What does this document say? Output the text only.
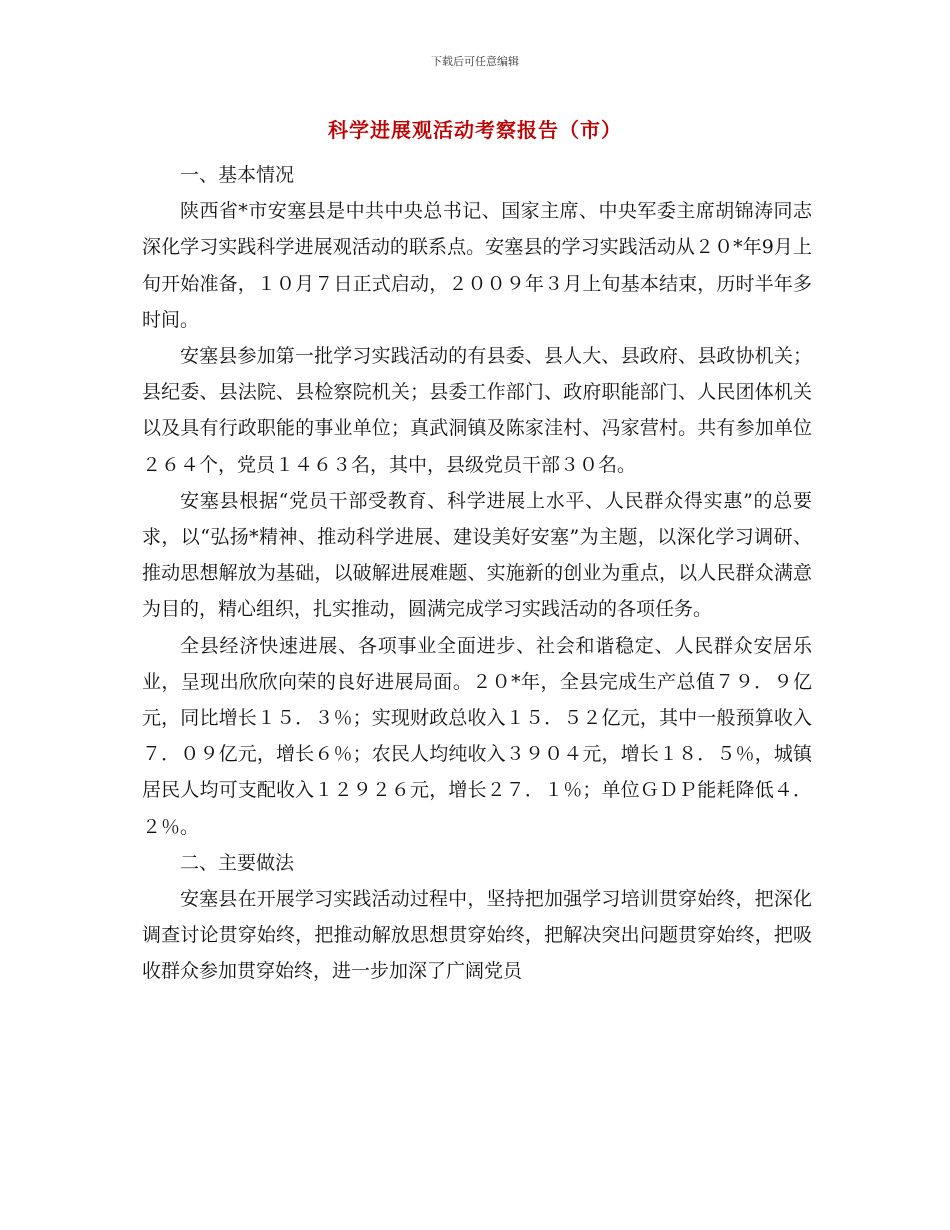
下载后可任意编辑
科学进展观活动考察报告（市）

一、基本情况

陕西省*市安塞县是中共中央总书记、国家主席、中央军委主席胡锦涛同志深化学习实践科学进展观活动的联系点。安塞县的学习实践活动从２０*年9月上旬开始准备，１０月７日正式启动，２００９年３月上旬基本结束，历时半年多时间。

安塞县参加第一批学习实践活动的有县委、县人大、县政府、县政协机关；县纪委、县法院、县检察院机关；县委工作部门、政府职能部门、人民团体机关以及具有行政职能的事业单位；真武洞镇及陈家洼村、冯家营村。共有参加单位２６４个，党员１４６３名，其中，县级党员干部３０名。

安塞县根据“党员干部受教育、科学进展上水平、人民群众得实惠”的总要求，以“弘扬*精神、推动科学进展、建设美好安塞”为主题，以深化学习调研、推动思想解放为基础，以破解进展难题、实施新的创业为重点，以人民群众满意为目的，精心组织，扎实推动，圆满完成学习实践活动的各项任务。

全县经济快速进展、各项事业全面进步、社会和谐稳定、人民群众安居乐业，呈现出欣欣向荣的良好进展局面。２０*年，全县完成生产总值７９．９亿元，同比增长１５．３％；实现财政总收入１５．５２亿元，其中一般预算收入７．０９亿元，增长６％；农民人均纯收入３９０４元，增长１８．５％，城镇居民人均可支配收入１２９２６元，增长２７．１％；单位ＧＤＰ能耗降低４．２％。

二、主要做法

安塞县在开展学习实践活动过程中，坚持把加强学习培训贯穿始终，把深化调查讨论贯穿始终，把推动解放思想贯穿始终，把解决突出问题贯穿始终，把吸收群众参加贯穿始终，进一步加深了广阔党员
